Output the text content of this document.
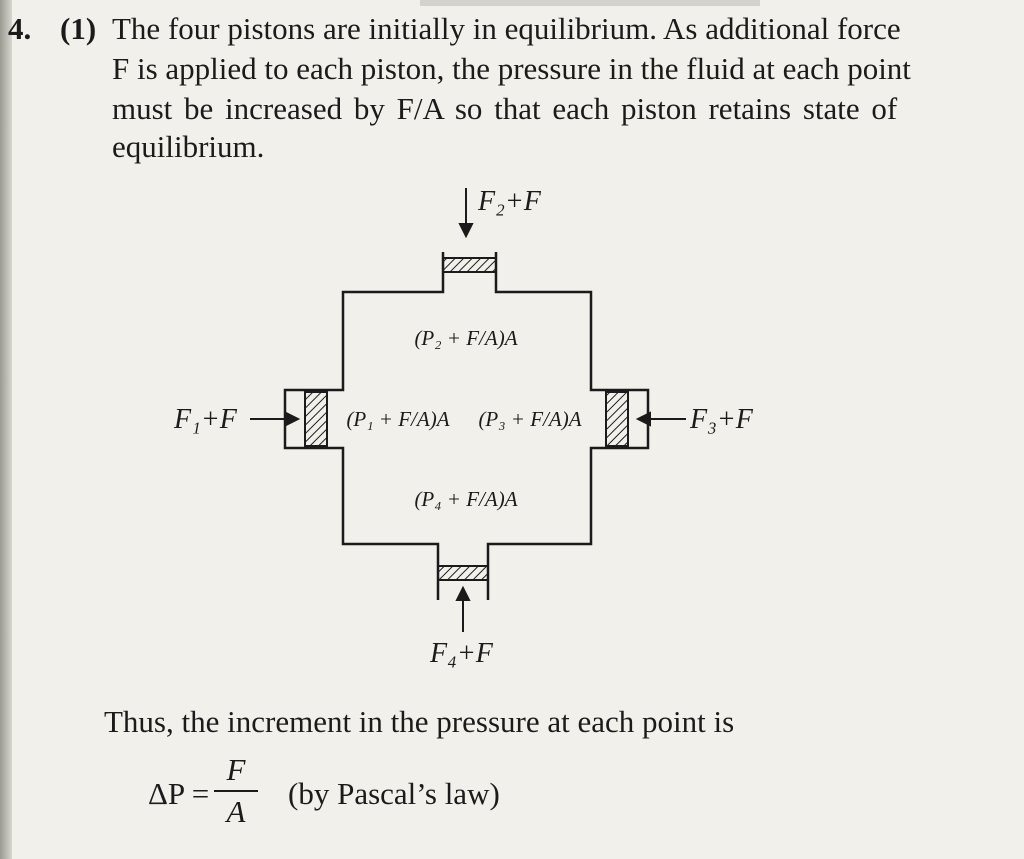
4. (1) The four pistons are initially in equilibrium. As additional force
F is applied to each piston, the pressure in the fluid at each point
must be increased by F/A so that each piston retains state of
equilibrium.
F₂+F
F₁+F	F₃+F
F₄+F
(P₂ + F/A)A
(P₁ + F/A)A (P₃ + F/A)A
(P₄ + F/A)A
Thus, the increment in the pressure at each point is
ΔP =
F
A
(by Pascal’s law)
